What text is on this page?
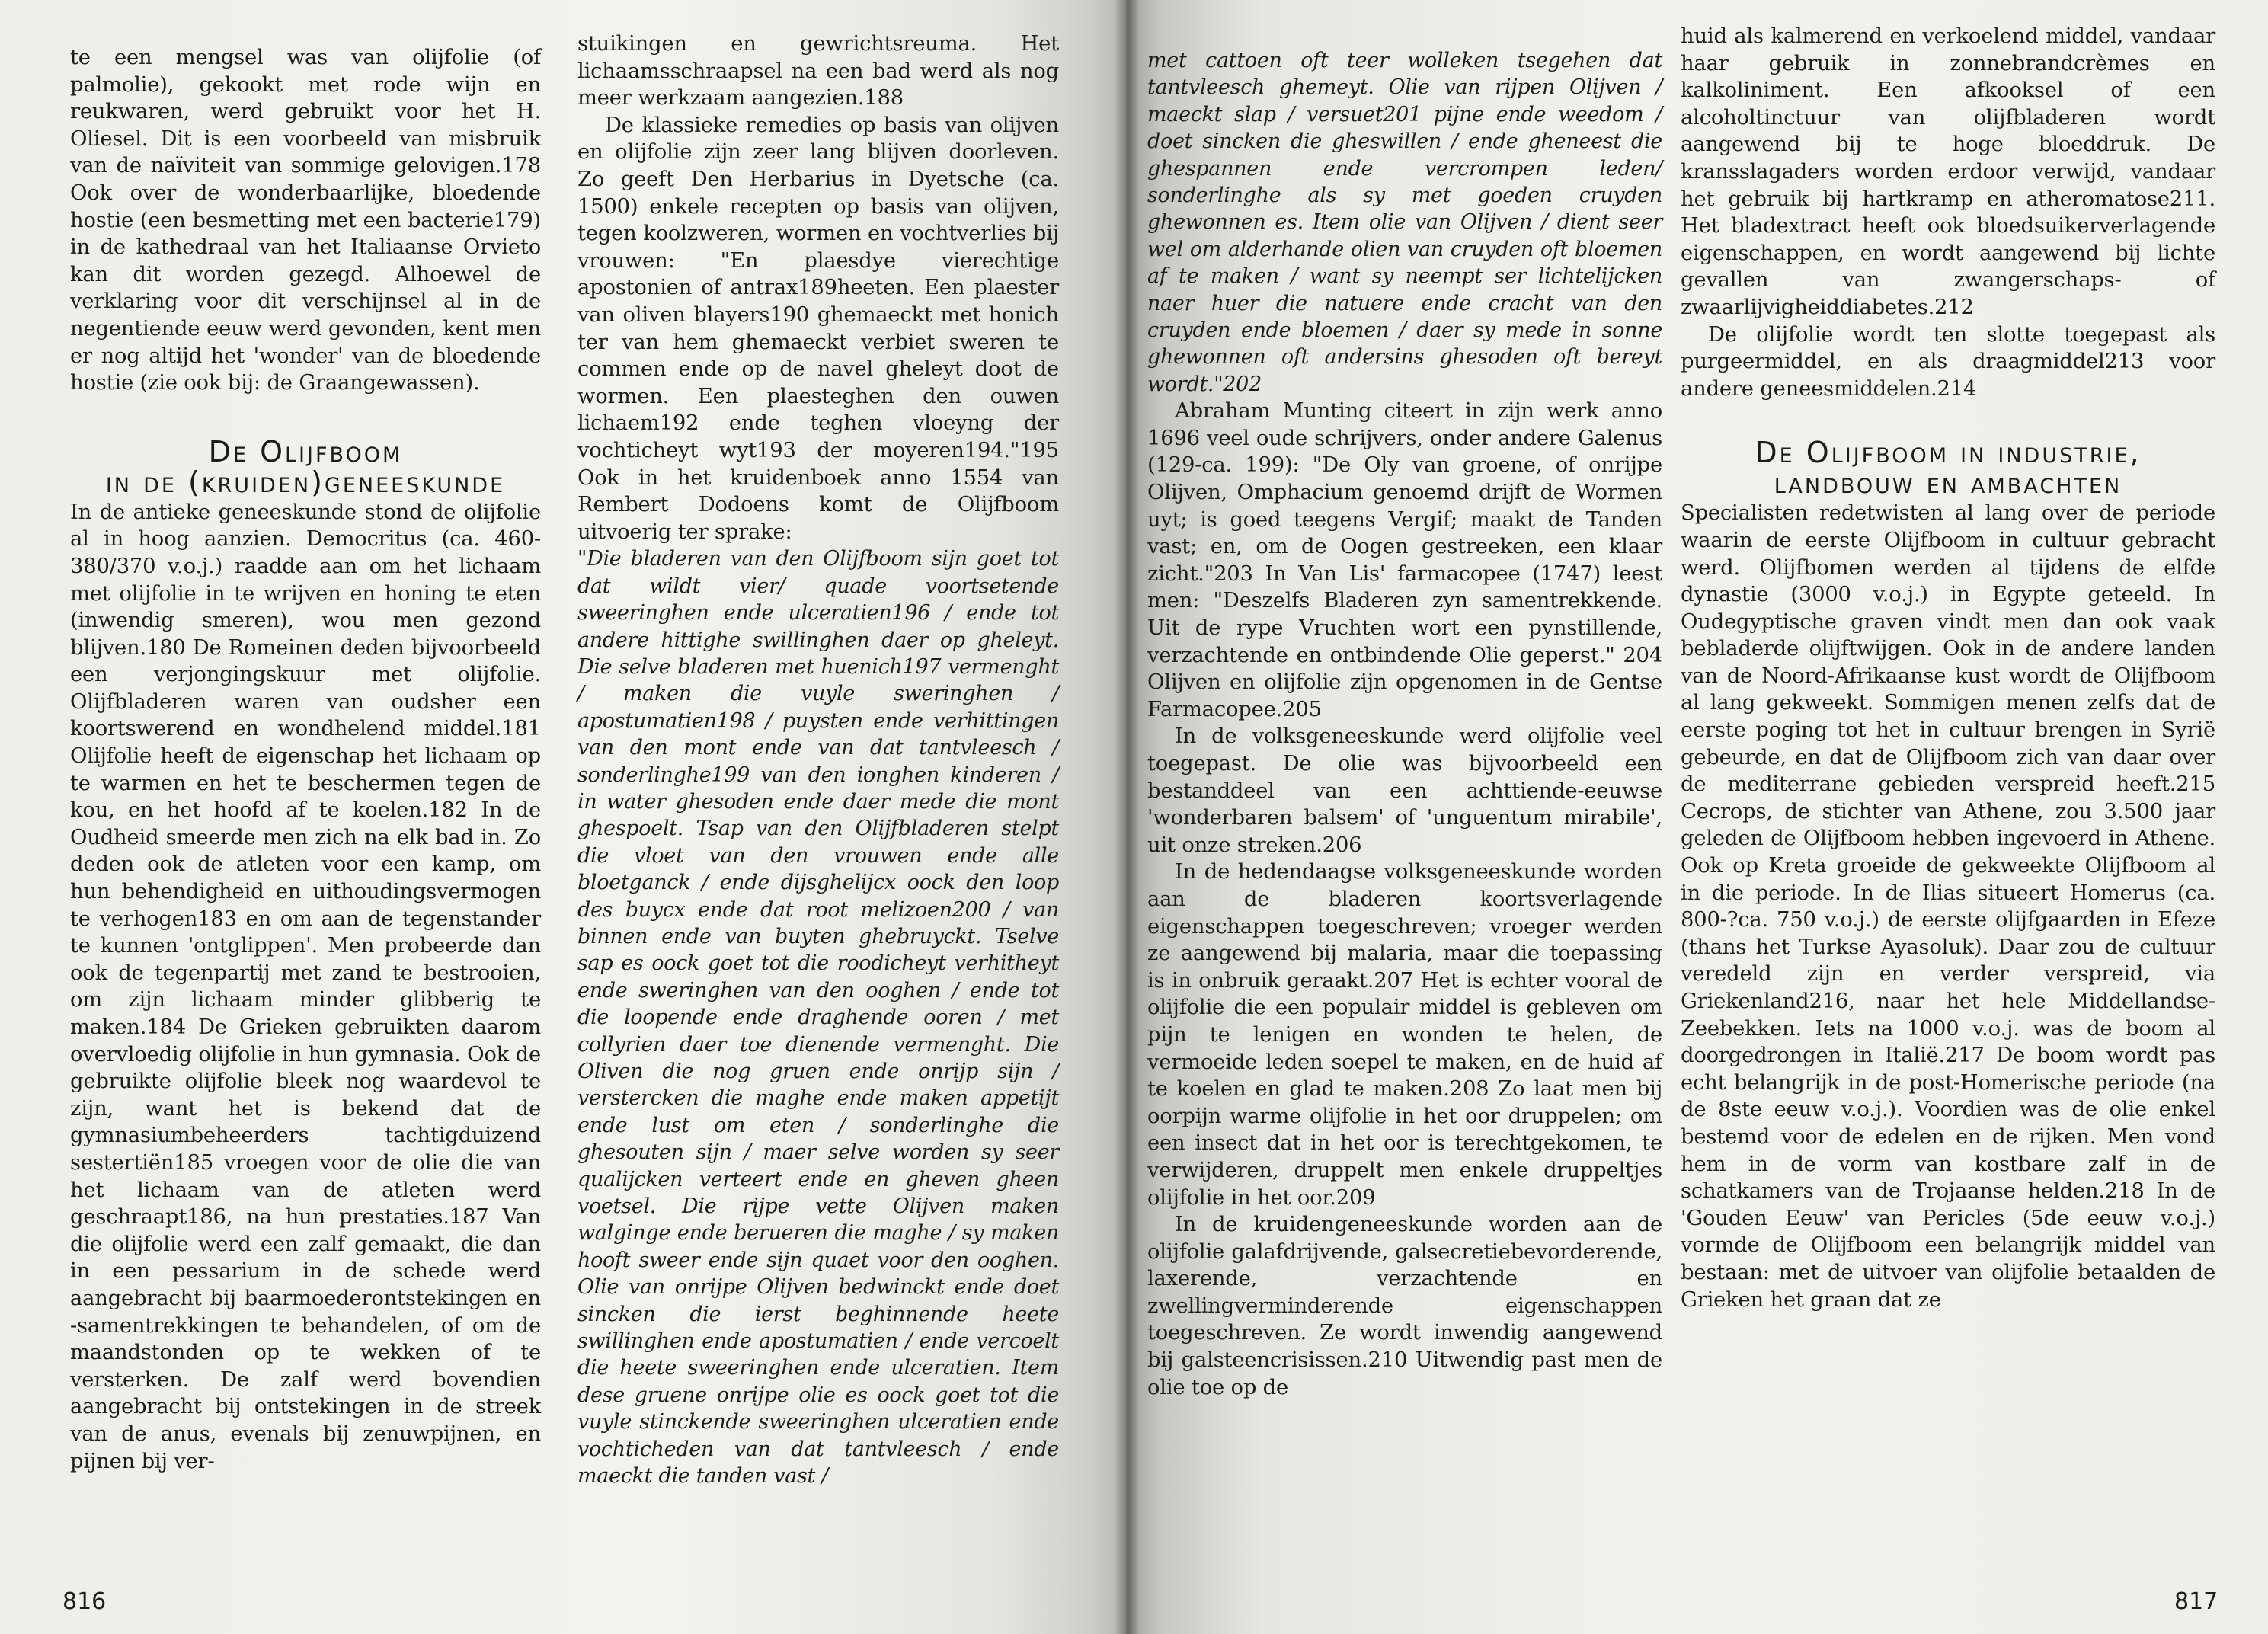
te een mengsel was van olijfolie (of palmolie), gekookt met rode wijn en reukwaren, werd gebruikt voor het H. Oliesel. Dit is een voorbeeld van misbruik van de naïviteit van sommige gelovigen.178 Ook over de wonderbaarlijke, bloedende hostie (een besmetting met een bacterie179) in de kathedraal van het Italiaanse Orvieto kan dit worden gezegd. Alhoewel de verklaring voor dit verschijnsel al in de negentiende eeuw werd gevonden, kent men er nog altijd het 'wonder' van de bloedende hostie (zie ook bij: de Graangewassen).

De Olijfboom
in de (kruiden)geneeskunde

In de antieke geneeskunde stond de olijfolie al in hoog aanzien. Democritus (ca. 460-380/370 v.o.j.) raadde aan om het lichaam met olijfolie in te wrijven en honing te eten (inwendig smeren), wou men gezond blijven.180 De Romeinen deden bijvoorbeeld een verjongingskuur met olijfolie. Olijfbladeren waren van oudsher een koortswerend en wondhelend middel.181 Olijfolie heeft de eigenschap het lichaam op te warmen en het te beschermen tegen de kou, en het hoofd af te koelen.182 In de Oudheid smeerde men zich na elk bad in. Zo deden ook de atleten voor een kamp, om hun behendigheid en uithoudingsvermogen te verhogen183 en om aan de tegenstander te kunnen 'ontglippen'. Men probeerde dan ook de tegenpartij met zand te bestrooien, om zijn lichaam minder glibberig te maken.184 De Grieken gebruikten daarom overvloedig olijfolie in hun gymnasia. Ook de gebruikte olijfolie bleek nog waardevol te zijn, want het is bekend dat de gymnasiumbeheerders tachtigduizend sestertiën185 vroegen voor de olie die van het lichaam van de atleten werd geschraapt186, na hun prestaties.187 Van die olijfolie werd een zalf gemaakt, die dan in een pessarium in de schede werd aangebracht bij baarmoederontstekingen en -samentrekkingen te behandelen, of om de maandstonden op te wekken of te versterken. De zalf werd bovendien aangebracht bij ontstekingen in de streek van de anus, evenals bij zenuwpijnen, en pijnen bij ver-

stuikingen en gewrichtsreuma. Het lichaamsschraapsel na een bad werd als nog meer werkzaam aangezien.188

De klassieke remedies op basis van olijven en olijfolie zijn zeer lang blijven doorleven. Zo geeft Den Herbarius in Dyetsche (ca. 1500) enkele recepten op basis van olijven, tegen koolzweren, wormen en vochtverlies bij vrouwen: "En plaesdye vierechtige apostonien of antrax189heeten. Een plaester van oliven blayers190 ghemaeckt met honich ter van hem ghemaeckt verbiet sweren te commen ende op de navel gheleyt doot de wormen. Een plaesteghen den ouwen lichaem192 ende teghen vloeyng der vochticheyt wyt193 der moyeren194."195 Ook in het kruidenboek anno 1554 van Rembert Dodoens komt de Olijfboom uitvoerig ter sprake:

"Die bladeren van den Olijfboom sijn goet tot dat wildt vier/ quade voortsetende sweeringhen ende ulceratien196 / ende tot andere hittighe swillinghen daer op gheleyt. Die selve bladeren met huenich197 vermenght / maken die vuyle sweringhen / apostumatien198 / puysten ende verhittingen van den mont ende van dat tantvleesch / sonderlinghe199 van den ionghen kinderen / in water ghesoden ende daer mede die mont ghespoelt. Tsap van den Olijfbladeren stelpt die vloet van den vrouwen ende alle bloetganck / ende dijsghelijcx oock den loop des buycx ende dat root melizoen200 / van binnen ende van buyten ghebruyckt. Tselve sap es oock goet tot die roodicheyt verhitheyt ende sweringhen van den ooghen / ende tot die loopende ende draghende ooren / met collyrien daer toe dienende vermenght. Die Oliven die nog gruen ende onrijp sijn / verstercken die maghe ende maken appetijt ende lust om eten / sonderlinghe die ghesouten sijn / maer selve worden sy seer qualijcken verteert ende en gheven gheen voetsel. Die rijpe vette Olijven maken walginge ende berueren die maghe / sy maken hooft sweer ende sijn quaet voor den ooghen. Olie van onrijpe Olijven bedwinckt ende doet sincken die ierst beghinnende heete swillinghen ende apostumatien / ende vercoelt die heete sweeringhen ende ulceratien. Item dese gruene onrijpe olie es oock goet tot die vuyle stinckende sweeringhen ulceratien ende vochticheden van dat tantvleesch / ende maeckt die tanden vast /

816

met cattoen oft teer wolleken tsegehen dat tantvleesch ghemeyt. Olie van rijpen Olijven / maeckt slap / versuet201 pijne ende weedom / doet sincken die gheswillen / ende gheneest die ghespannen ende vercrompen leden/ sonderlinghe als sy met goeden cruyden ghewonnen es. Item olie van Olijven / dient seer wel om alderhande olien van cruyden oft bloemen af te maken / want sy neempt ser lichtelijcken naer huer die natuere ende cracht van den cruyden ende bloemen / daer sy mede in sonne ghewonnen oft andersins ghesoden oft bereyt wordt."202

Abraham Munting citeert in zijn werk anno 1696 veel oude schrijvers, onder andere Galenus (129-ca. 199): "De Oly van groene, of onrijpe Olijven, Omphacium genoemd drijft de Wormen uyt; is goed teegens Vergif; maakt de Tanden vast; en, om de Oogen gestreeken, een klaar zicht."203 In Van Lis' farmacopee (1747) leest men: "Deszelfs Bladeren zyn samentrekkende. Uit de rype Vruchten wort een pynstillende, verzachtende en ontbindende Olie geperst." 204 Olijven en olijfolie zijn opgenomen in de Gentse Farmacopee.205

In de volksgeneeskunde werd olijfolie veel toegepast. De olie was bijvoorbeeld een bestanddeel van een achttiende-eeuwse 'wonderbaren balsem' of 'unguentum mirabile', uit onze streken.206

In de hedendaagse volksgeneeskunde worden aan de bladeren koortsverlagende eigenschappen toegeschreven; vroeger werden ze aangewend bij malaria, maar die toepassing is in onbruik geraakt.207 Het is echter vooral de olijfolie die een populair middel is gebleven om pijn te lenigen en wonden te helen, de vermoeide leden soepel te maken, en de huid af te koelen en glad te maken.208 Zo laat men bij oorpijn warme olijfolie in het oor druppelen; om een insect dat in het oor is terechtgekomen, te verwijderen, druppelt men enkele druppeltjes olijfolie in het oor.209

In de kruidengeneeskunde worden aan de olijfolie galafdrijvende, galsecretiebevorderende, laxerende, verzachtende en zwellingverminderende eigenschappen toegeschreven. Ze wordt inwendig aangewend bij galsteencrisissen.210 Uitwendig past men de olie toe op de

huid als kalmerend en verkoelend middel, vandaar haar gebruik in zonnebrandcrèmes en kalkoliniment. Een afkooksel of een alcoholtinctuur van olijfbladeren wordt aangewend bij te hoge bloeddruk. De kransslagaders worden erdoor verwijd, vandaar het gebruik bij hartkramp en atheromatose211. Het bladextract heeft ook bloedsuikerverlagende eigenschappen, en wordt aangewend bij lichte gevallen van zwangerschaps- of zwaarlijvigheiddiabetes.212

De olijfolie wordt ten slotte toegepast als purgeermiddel, en als draagmiddel213 voor andere geneesmiddelen.214

De Olijfboom in industrie,
landbouw en ambachten

Specialisten redetwisten al lang over de periode waarin de eerste Olijfboom in cultuur gebracht werd. Olijfbomen werden al tijdens de elfde dynastie (3000 v.o.j.) in Egypte geteeld. In Oudegyptische graven vindt men dan ook vaak bebladerde olijftwijgen. Ook in de andere landen van de Noord-Afrikaanse kust wordt de Olijfboom al lang gekweekt. Sommigen menen zelfs dat de eerste poging tot het in cultuur brengen in Syrië gebeurde, en dat de Olijfboom zich van daar over de mediterrane gebieden verspreid heeft.215 Cecrops, de stichter van Athene, zou 3.500 jaar geleden de Olijfboom hebben ingevoerd in Athene. Ook op Kreta groeide de gekweekte Olijfboom al in die periode. In de Ilias situeert Homerus (ca. 800-?ca. 750 v.o.j.) de eerste olijfgaarden in Efeze (thans het Turkse Ayasoluk). Daar zou de cultuur veredeld zijn en verder verspreid, via Griekenland216, naar het hele Middellandse-Zeebekken. Iets na 1000 v.o.j. was de boom al doorgedrongen in Italië.217 De boom wordt pas echt belangrijk in de post-Homerische periode (na de 8ste eeuw v.o.j.). Voordien was de olie enkel bestemd voor de edelen en de rijken. Men vond hem in de vorm van kostbare zalf in de schatkamers van de Trojaanse helden.218 In de 'Gouden Eeuw' van Pericles (5de eeuw v.o.j.) vormde de Olijfboom een belangrijk middel van bestaan: met de uitvoer van olijfolie betaalden de Grieken het graan dat ze

817
